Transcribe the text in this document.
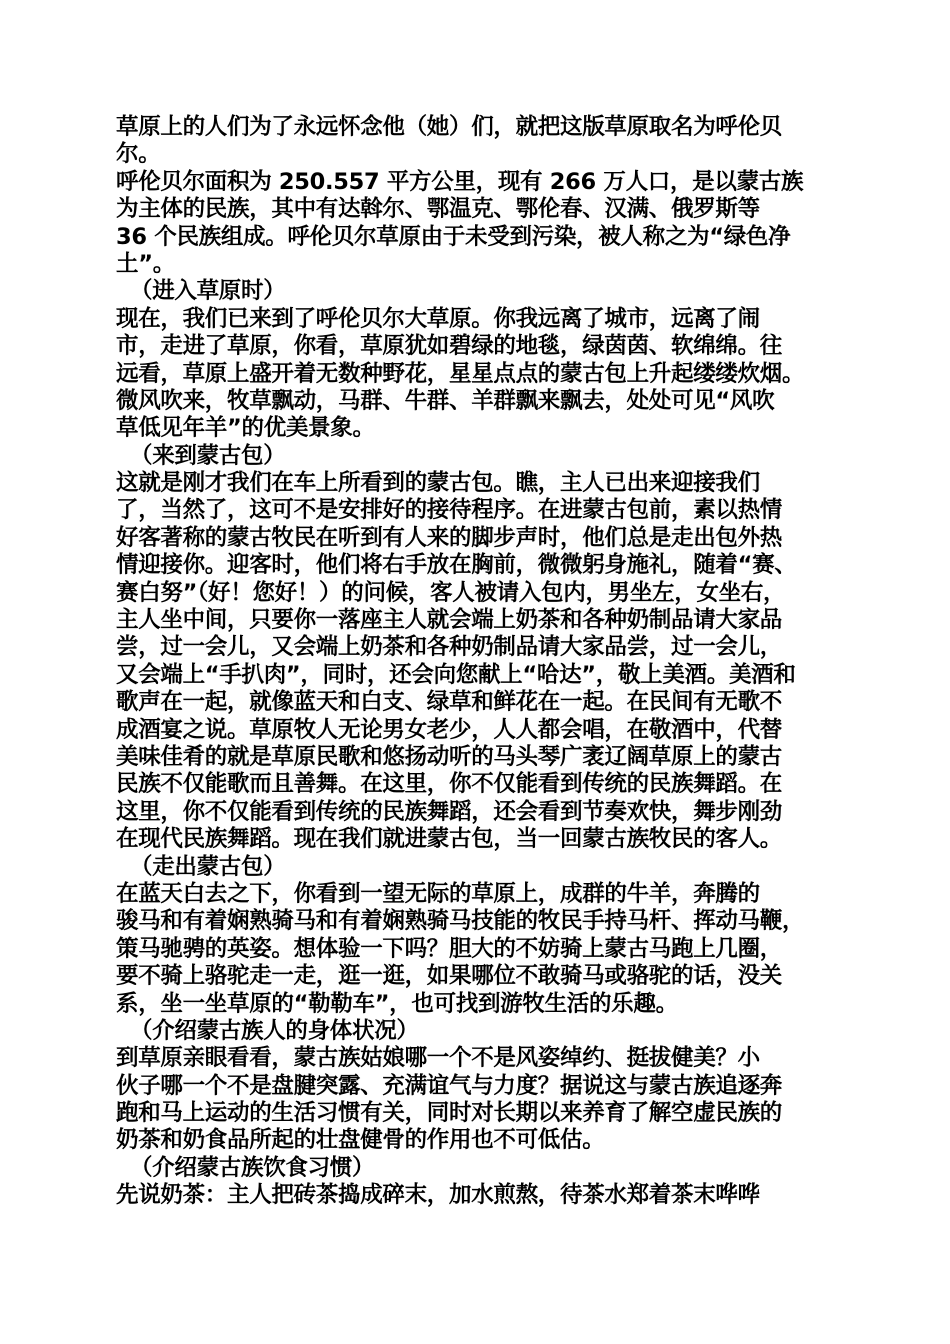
草原上的人们为了永远怀念他（她）们，就把这版草原取名为呼伦贝
尔。
呼伦贝尔面积为 250.557 平方公里，现有 266 万人口，是以蒙古族
为主体的民族，其中有达斡尔、鄂温克、鄂伦春、汉满、俄罗斯等
36 个民族组成。呼伦贝尔草原由于未受到污染，被人称之为“绿色净
土”。
（进入草原时）
现在，我们已来到了呼伦贝尔大草原。你我远离了城市，远离了闹
市，走进了草原，你看，草原犹如碧绿的地毯，绿茵茵、软绵绵。往
远看，草原上盛开着无数种野花，星星点点的蒙古包上升起缕缕炊烟。
微风吹来，牧草飘动，马群、牛群、羊群飘来飘去，处处可见“风吹
草低见年羊”的优美景象。
（来到蒙古包）
这就是刚才我们在车上所看到的蒙古包。瞧，主人已出来迎接我们
了，当然了，这可不是安排好的接待程序。在进蒙古包前，素以热情
好客著称的蒙古牧民在听到有人来的脚步声时，他们总是走出包外热
情迎接你。迎客时，他们将右手放在胸前，微微躬身施礼，随着“赛、
赛白努”（好！您好！）的问候，客人被请入包内，男坐左，女坐右，
主人坐中间，只要你一落座主人就会端上奶茶和各种奶制品请大家品
尝，过一会儿，又会端上奶茶和各种奶制品请大家品尝，过一会儿，
又会端上“手扒肉”，同时，还会向您献上“哈达”，敬上美酒。美酒和
歌声在一起，就像蓝天和白支、绿草和鲜花在一起。在民间有无歌不
成酒宴之说。草原牧人无论男女老少，人人都会唱，在敬酒中，代替
美味佳肴的就是草原民歌和悠扬动听的马头琴广袤辽阔草原上的蒙古
民族不仅能歌而且善舞。在这里，你不仅能看到传统的民族舞蹈。在
这里，你不仅能看到传统的民族舞蹈，还会看到节奏欢快，舞步刚劲
在现代民族舞蹈。现在我们就进蒙古包，当一回蒙古族牧民的客人。
（走出蒙古包）
在蓝天白去之下，你看到一望无际的草原上，成群的牛羊，奔腾的
骏马和有着娴熟骑马和有着娴熟骑马技能的牧民手持马杆、挥动马鞭，
策马驰骋的英姿。想体验一下吗？胆大的不妨骑上蒙古马跑上几圈，
要不骑上骆驼走一走，逛一逛，如果哪位不敢骑马或骆驼的话，没关
系，坐一坐草原的“勒勒车”，也可找到游牧生活的乐趣。
（介绍蒙古族人的身体状况）
到草原亲眼看看，蒙古族姑娘哪一个不是风姿绰约、挺拔健美？小
伙子哪一个不是盘腱突露、充满谊气与力度？据说这与蒙古族追逐奔
跑和马上运动的生活习惯有关，同时对长期以来养育了解空虚民族的
奶茶和奶食品所起的壮盘健骨的作用也不可低估。
（介绍蒙古族饮食习惯）
先说奶茶：主人把砖茶捣成碎末，加水煎熬，待茶水郑着茶末哗哗
